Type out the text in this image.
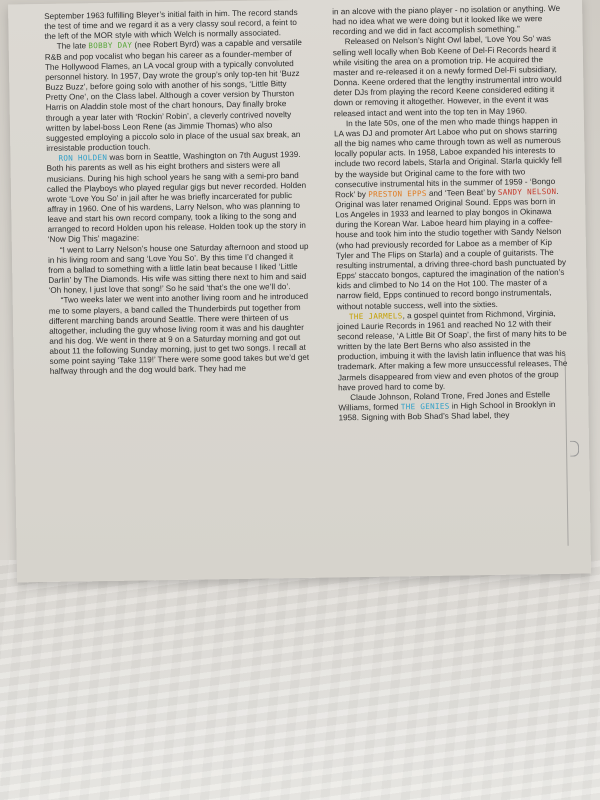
September 1963 fulfilling Bleyer’s initial faith in him. The record stands the test of time and we regard it as a very classy soul record, a feint to the left of the MOR style with which Welch is normally associated.

The late BOBBY DAY (nee Robert Byrd) was a capable and versatile R&B and pop vocalist who began his career as a founder-member of The Hollywood Flames, an LA vocal group with a typically convoluted personnel history. In 1957, Day wrote the group’s only top-ten hit ‘Buzz Buzz Buzz’, before going solo with another of his songs, ‘Little Bitty Pretty One’, on the Class label. Although a cover version by Thurston Harris on Aladdin stole most of the chart honours, Day finally broke through a year later with ‘Rockin’ Robin’, a cleverly contrived novelty written by label-boss Leon Rene (as Jimmie Thomas) who also suggested employing a piccolo solo in place of the usual sax break, an irresistable production touch.

RON HOLDEN was born in Seattle, Washington on 7th August 1939. Both his parents as well as his eight brothers and sisters were all musicians. During his high school years he sang with a semi-pro band called the Playboys who played regular gigs but never recorded. Holden wrote ‘Love You So’ in jail after he was briefly incarcerated for public affray in 1960. One of his wardens, Larry Nelson, who was planning to leave and start his own record company, took a liking to the song and arranged to record Holden upon his release. Holden took up the story in ‘Now Dig This’ magazine:

“I went to Larry Nelson’s house one Saturday afternoon and stood up in his living room and sang ‘Love You So’. By this time I’d changed it from a ballad to something with a little latin beat because I liked ‘Little Darlin’ by The Diamonds. His wife was sitting there next to him and said ‘Oh honey, I just love that song!’ So he said ‘that’s the one we’ll do’.

“Two weeks later we went into another living room and he introduced me to some players, a band called the Thunderbirds put together from different marching bands around Seattle. There were thirteen of us altogether, including the guy whose living room it was and his daughter and his dog. We went in there at 9 on a Saturday morning and got out about 11 the following Sunday morning, just to get two songs. I recall at some point saying ‘Take 119!’ There were some good takes but we’d get halfway through and the dog would bark. They had me

in an alcove with the piano player - no isolation or anything. We had no idea what we were doing but it looked like we were recording and we did in fact accomplish something.”

Released on Nelson’s Night Owl label, ‘Love You So’ was selling well locally when Bob Keene of Del-Fi Records heard it while visiting the area on a promotion trip. He acquired the master and re-released it on a newly formed Del-Fi subsidiary, Donna. Keene ordered that the lengthy instrumental intro would deter DJs from playing the record Keene considered editing it down or removing it altogether. However, in the event it was released intact and went into the top ten in May 1960.

In the late 50s, one of the men who made things happen in LA was DJ and promoter Art Laboe who put on shows starring all the big names who came through town as well as numerous locally popular acts. In 1958, Laboe expanded his interests to include two record labels, Starla and Original. Starla quickly fell by the wayside but Original came to the fore with two consecutive instrumental hits in the summer of 1959 - ‘Bongo Rock’ by PRESTON EPPS and ‘Teen Beat’ by SANDY NELSON. Original was later renamed Original Sound. Epps was born in Los Angeles in 1933 and learned to play bongos in Okinawa during the Korean War. Laboe heard him playing in a coffee-house and took him into the studio together with Sandy Nelson (who had previously recorded for Laboe as a member of Kip Tyler and The Flips on Starla) and a couple of guitarists. The resulting instrumental, a driving three-chord bash punctuated by Epps’ staccato bongos, captured the imagination of the nation’s kids and climbed to No 14 on the Hot 100. The master of a narrow field, Epps continued to record bongo instrumentals, without notable success, well into the sixties.

THE JARMELS, a gospel quintet from Richmond, Virginia, joined Laurie Records in 1961 and reached No 12 with their second release, ‘A Little Bit Of Soap’, the first of many hits to be written by the late Bert Berns who also assisted in the production, imbuing it with the lavish latin influence that was his trademark. After making a few more unsuccessful releases, The Jarmels disappeared from view and even photos of the group have proved hard to come by.

Claude Johnson, Roland Trone, Fred Jones and Estelle Williams, formed THE GENIES in High School in Brooklyn in 1958. Signing with Bob Shad’s Shad label, they
